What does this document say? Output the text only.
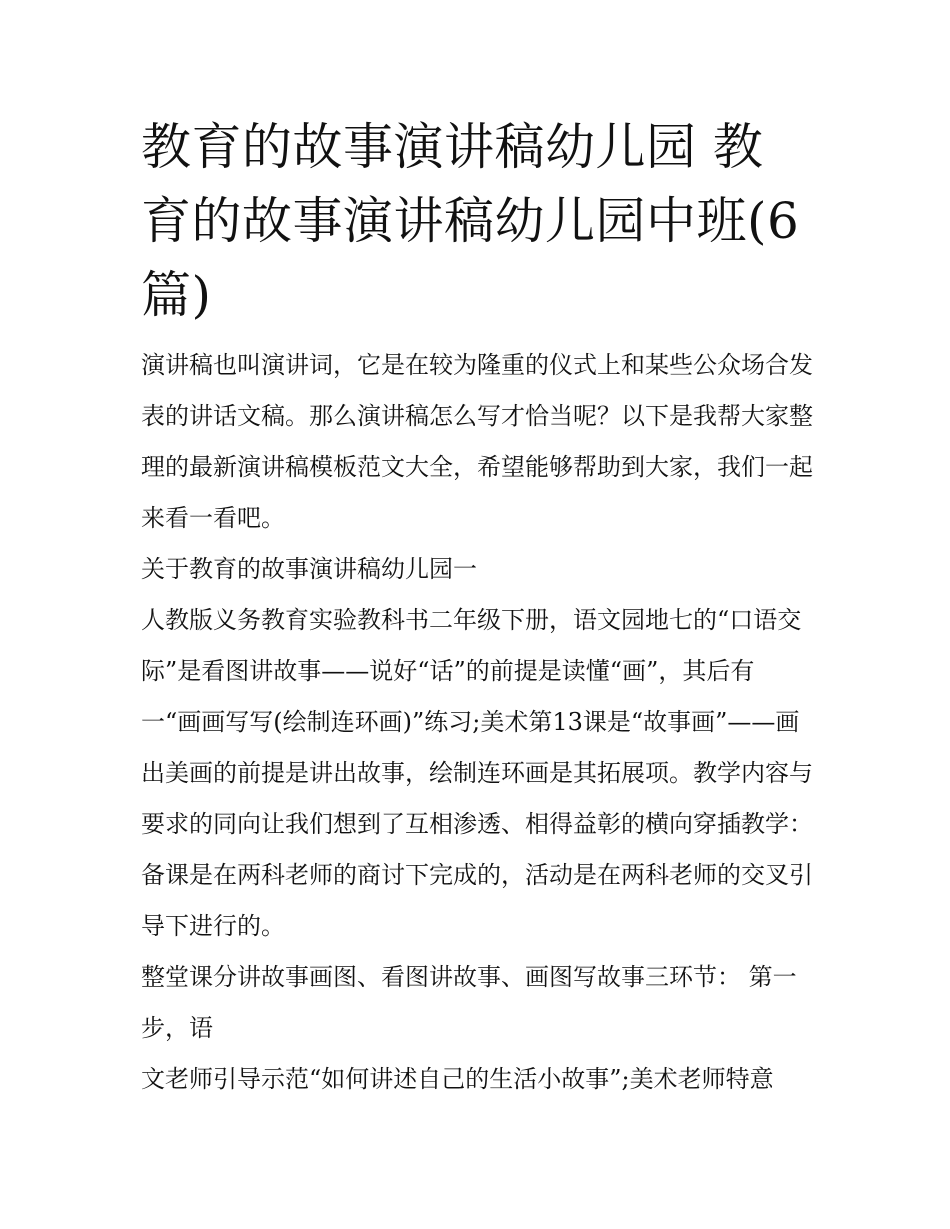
教育的故事演讲稿幼儿园 教育的故事演讲稿幼儿园中班(6篇)

演讲稿也叫演讲词，它是在较为隆重的仪式上和某些公众场合发表的讲话文稿。那么演讲稿怎么写才恰当呢？以下是我帮大家整理的最新演讲稿模板范文大全，希望能够帮助到大家，我们一起来看一看吧。

关于教育的故事演讲稿幼儿园一

人教版义务教育实验教科书二年级下册，语文园地七的“口语交际”是看图讲故事——说好“话”的前提是读懂“画”，其后有一“画画写写(绘制连环画)”练习;美术第13课是“故事画”——画出美画的前提是讲出故事，绘制连环画是其拓展项。教学内容与要求的同向让我们想到了互相渗透、相得益彰的横向穿插教学：备课是在两科老师的商讨下完成的，活动是在两科老师的交叉引导下进行的。

整堂课分讲故事画图、看图讲故事、画图写故事三环节： 第一步，语

文老师引导示范“如何讲述自己的生活小故事”;美术老师特意
